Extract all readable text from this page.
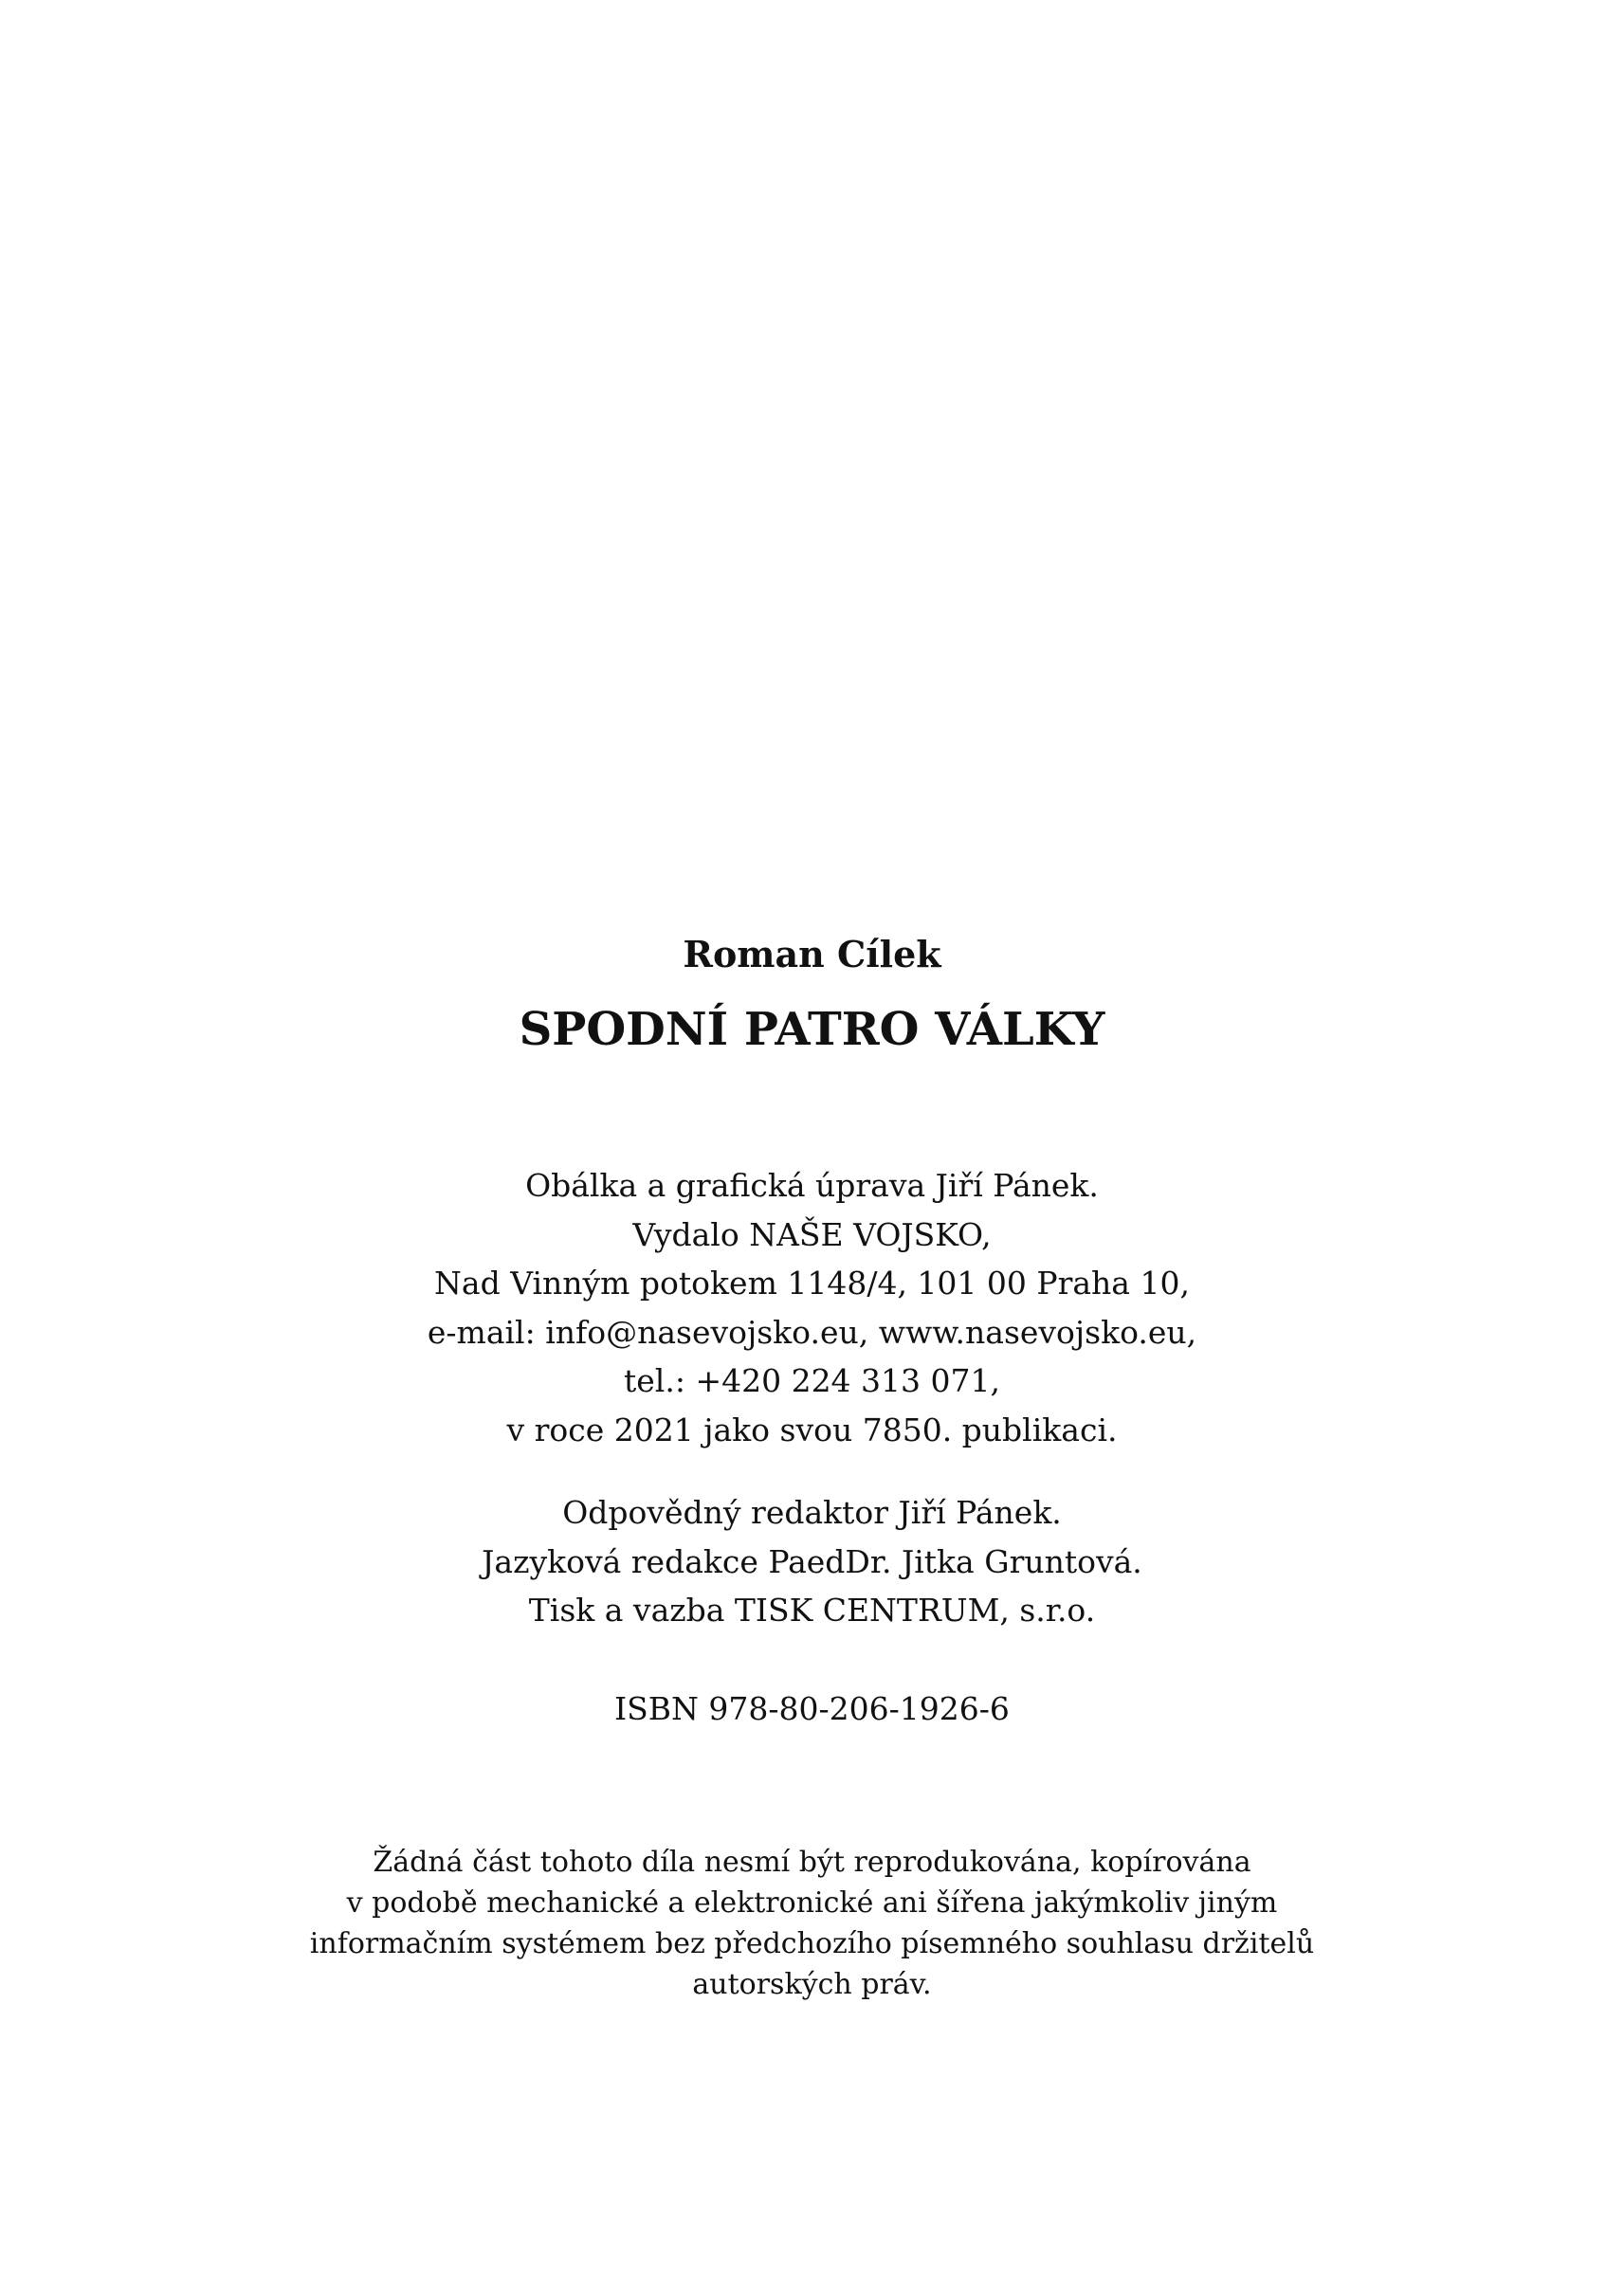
Roman Cílek
SPODNÍ PATRO VÁLKY
Obálka a grafická úprava Jiří Pánek.
Vydalo NAŠE VOJSKO,
Nad Vinným potokem 1148/4, 101 00 Praha 10,
e-mail: info@nasevojsko.eu, www.nasevojsko.eu,
tel.: +420 224 313 071,
v roce 2021 jako svou 7850. publikaci.
Odpovědný redaktor Jiří Pánek.
Jazyková redakce PaedDr. Jitka Gruntová.
Tisk a vazba TISK CENTRUM, s.r.o.
ISBN 978-80-206-1926-6
Žádná část tohoto díla nesmí být reprodukována, kopírována
v podobě mechanické a elektronické ani šířena jakýmkoliv jiným
informačním systémem bez předchozího písemného souhlasu držitelů
autorských práv.
